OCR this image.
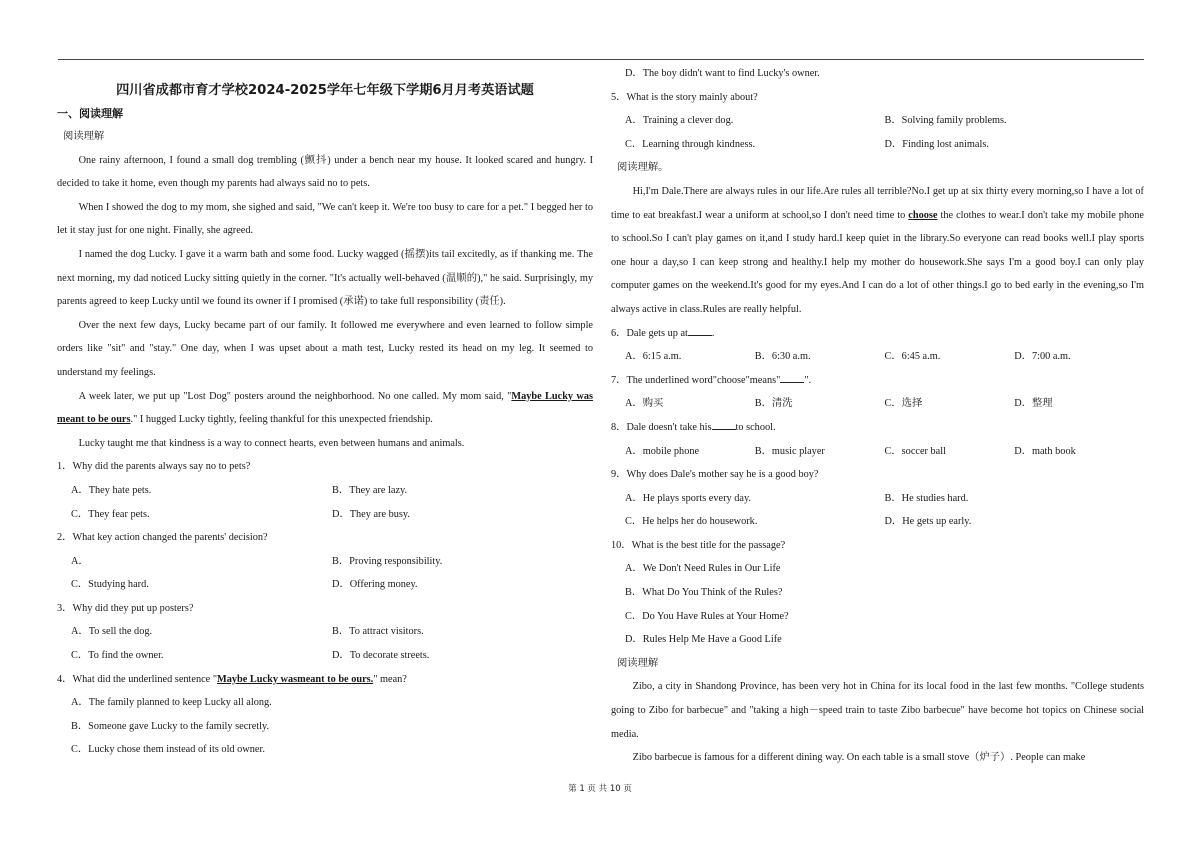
四川省成都市育才学校2024-2025学年七年级下学期6月月考英语试题
一、阅读理解
阅读理解
One rainy afternoon, I found a small dog trembling (颤抖) under a bench near my house. It looked scared and hungry. I decided to take it home, even though my parents had always said no to pets.
When I showed the dog to my mom, she sighed and said, "We can't keep it. We're too busy to care for a pet." I begged her to let it stay just for one night. Finally, she agreed.
I named the dog Lucky. I gave it a warm bath and some food. Lucky wagged (摇摆)its tail excitedly, as if thanking me. The next morning, my dad noticed Lucky sitting quietly in the corner. "It's actually well-behaved (温顺的)," he said. Surprisingly, my parents agreed to keep Lucky until we found its owner if I promised (承诺) to take full responsibility (责任).
Over the next few days, Lucky became part of our family. It followed me everywhere and even learned to follow simple orders like "sit" and "stay." One day, when I was upset about a math test, Lucky rested its head on my leg. It seemed to understand my feelings.
A week later, we put up "Lost Dog" posters around the neighborhood. No one called. My mom said, "Maybe Lucky was meant to be ours." I hugged Lucky tightly, feeling thankful for this unexpected friendship.
Lucky taught me that kindness is a way to connect hearts, even between humans and animals.
1．Why did the parents always say no to pets?
A．They hate pets.	B．They are lazy.
C．They fear pets.	D．They are busy.
2．What key action changed the parents' decision?
A．	B．Proving responsibility.
C．Studying hard.	D．Offering money.
3．Why did they put up posters?
A．To sell the dog.	B．To attract visitors.
C．To find the owner.	D．To decorate streets.
4．What did the underlined sentence "Maybe Lucky wasmeant to be ours." mean?
A．The family planned to keep Lucky all along.
B．Someone gave Lucky to the family secretly.
C．Lucky chose them instead of its old owner.
D．The boy didn't want to find Lucky's owner.
5．What is the story mainly about?
A．Training a clever dog.	B．Solving family problems.
C．Learning through kindness.	D．Finding lost animals.
阅读理解。
Hi,I'm Dale.There are always rules in our life.Are rules all terrible?No.I get up at six thirty every morning,so I have a lot of time to eat breakfast.I wear a uniform at school,so I don't need time to choose the clothes to wear.I don't take my mobile phone to school.So I can't play games on it,and I study hard.I keep quiet in the library.So everyone can read books well.I play sports one hour a day,so I can keep strong and healthy.I help my mother do housework.She says I'm a good boy.I can only play computer games on the weekend.It's good for my eyes.And I can do a lot of other things.I go to bed early in the evening,so I'm always active in class.Rules are really helpful.
6．Dale gets up at .
A．6:15 a.m.	B．6:30 a.m.	C．6:45 a.m.	D．7:00 a.m.
7．The underlined word"choose"means" ".
A．购买	B．清洗	C．选择	D．整理
8．Dale doesn't take his to school.
A．mobile phone	B．music player	C．soccer ball	D．math book
9．Why does Dale's mother say he is a good boy?
A．He plays sports every day.	B．He studies hard.
C．He helps her do housework.	D．He gets up early.
10．What is the best title for the passage?
A．We Don't Need Rules in Our Life
B．What Do You Think of the Rules?
C．Do You Have Rules at Your Home?
D．Rules Help Me Have a Good Life
阅读理解
Zibo, a city in Shandong Province, has been very hot in China for its local food in the last few months. "College students going to Zibo for barbecue" and "taking a high－speed train to taste Zibo barbecue" have become hot topics on Chinese social media.
Zibo barbecue is famous for a different dining way. On each table is a small stove（炉子）. People can make
第 1 页 共 10 页
